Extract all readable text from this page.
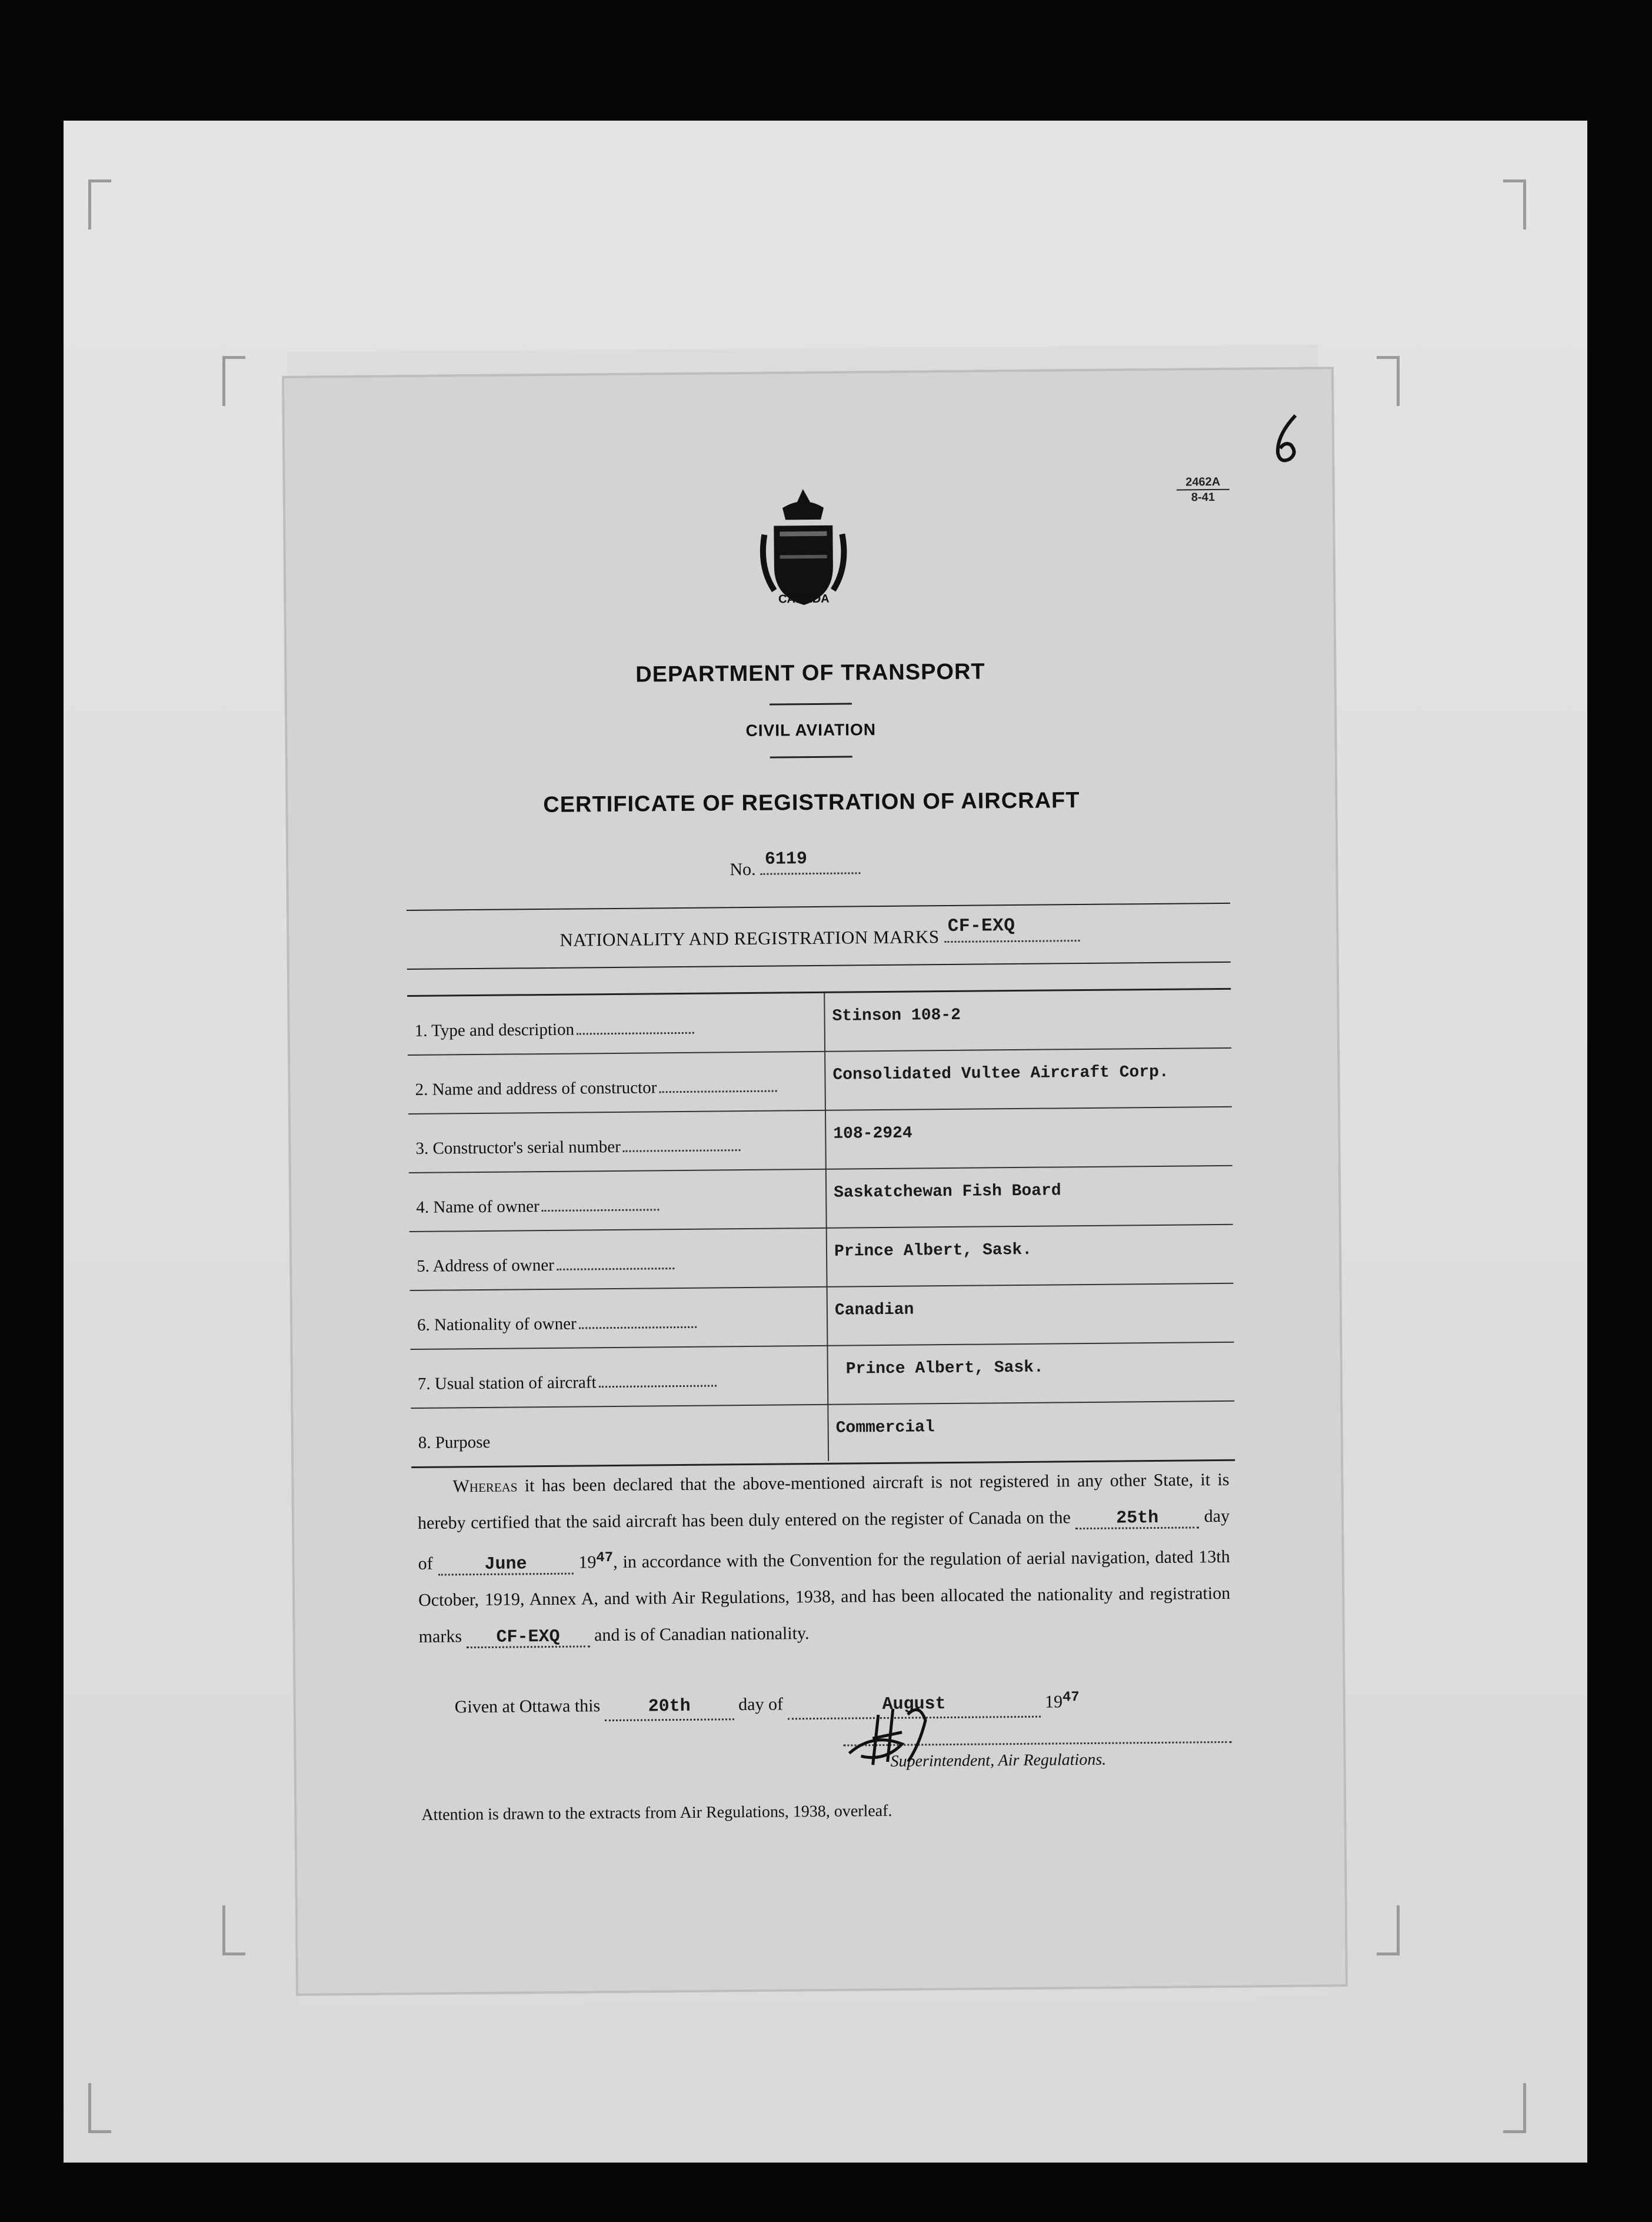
2462A
8-41
CANADA
DEPARTMENT OF TRANSPORT
CIVIL AVIATION
CERTIFICATE OF REGISTRATION OF AIRCRAFT
No. 6119
NATIONALITY AND REGISTRATION MARKS
CF-EXQ
1. Type and description
Stinson 108-2
2. Name and address of constructor
Consolidated Vultee Aircraft Corp.
3. Constructor's serial number
108-2924
4. Name of owner
Saskatchewan Fish Board
5. Address of owner
Prince Albert, Sask.
6. Nationality of owner
Canadian
7. Usual station of aircraft
Prince Albert, Sask.
8. Purpose
Commercial
Whereas it has been declared that the above-mentioned aircraft is not registered in any other State, it is hereby certified that the said aircraft has been duly entered on the register of Canada on the	25th	day of	June	$19^{47}$, in accordance with the Convention for the regulation of aerial navigation, dated 13th October, 1919, Annex A, and with Air Regulations, 1938, and has been allocated the nationality and registration marks CF-EXQ and is of Canadian nationality.
Given at Ottawa this	20th	day of	August	$19^{47}$
Superintendent, Air Regulations.
Attention is drawn to the extracts from Air Regulations, 1938, overleaf.
